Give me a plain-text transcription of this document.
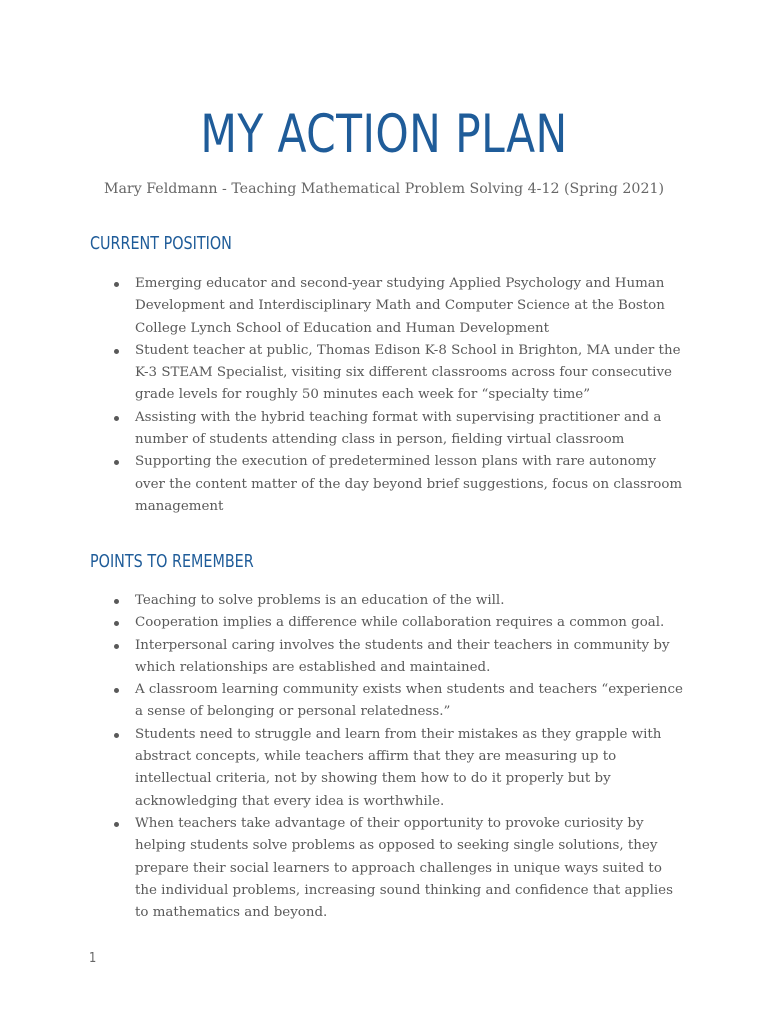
MY ACTION PLAN
Mary Feldmann - Teaching Mathematical Problem Solving 4-12 (Spring 2021)
CURRENT POSITION
Emerging educator and second-year studying Applied Psychology and Human Development and Interdisciplinary Math and Computer Science at the Boston College Lynch School of Education and Human Development
Student teacher at public, Thomas Edison K-8 School in Brighton, MA under the K-3 STEAM Specialist, visiting six different classrooms across four consecutive grade levels for roughly 50 minutes each week for “specialty time”
Assisting with the hybrid teaching format with supervising practitioner and a number of students attending class in person, fielding virtual classroom
Supporting the execution of predetermined lesson plans with rare autonomy over the content matter of the day beyond brief suggestions, focus on classroom management
POINTS TO REMEMBER
Teaching to solve problems is an education of the will.
Cooperation implies a difference while collaboration requires a common goal.
Interpersonal caring involves the students and their teachers in community by which relationships are established and maintained.
A classroom learning community exists when students and teachers “experience a sense of belonging or personal relatedness.”
Students need to struggle and learn from their mistakes as they grapple with abstract concepts, while teachers affirm that they are measuring up to intellectual criteria, not by showing them how to do it properly but by acknowledging that every idea is worthwhile.
When teachers take advantage of their opportunity to provoke curiosity by helping students solve problems as opposed to seeking single solutions, they prepare their social learners to approach challenges in unique ways suited to the individual problems, increasing sound thinking and confidence that applies to mathematics and beyond.
1
